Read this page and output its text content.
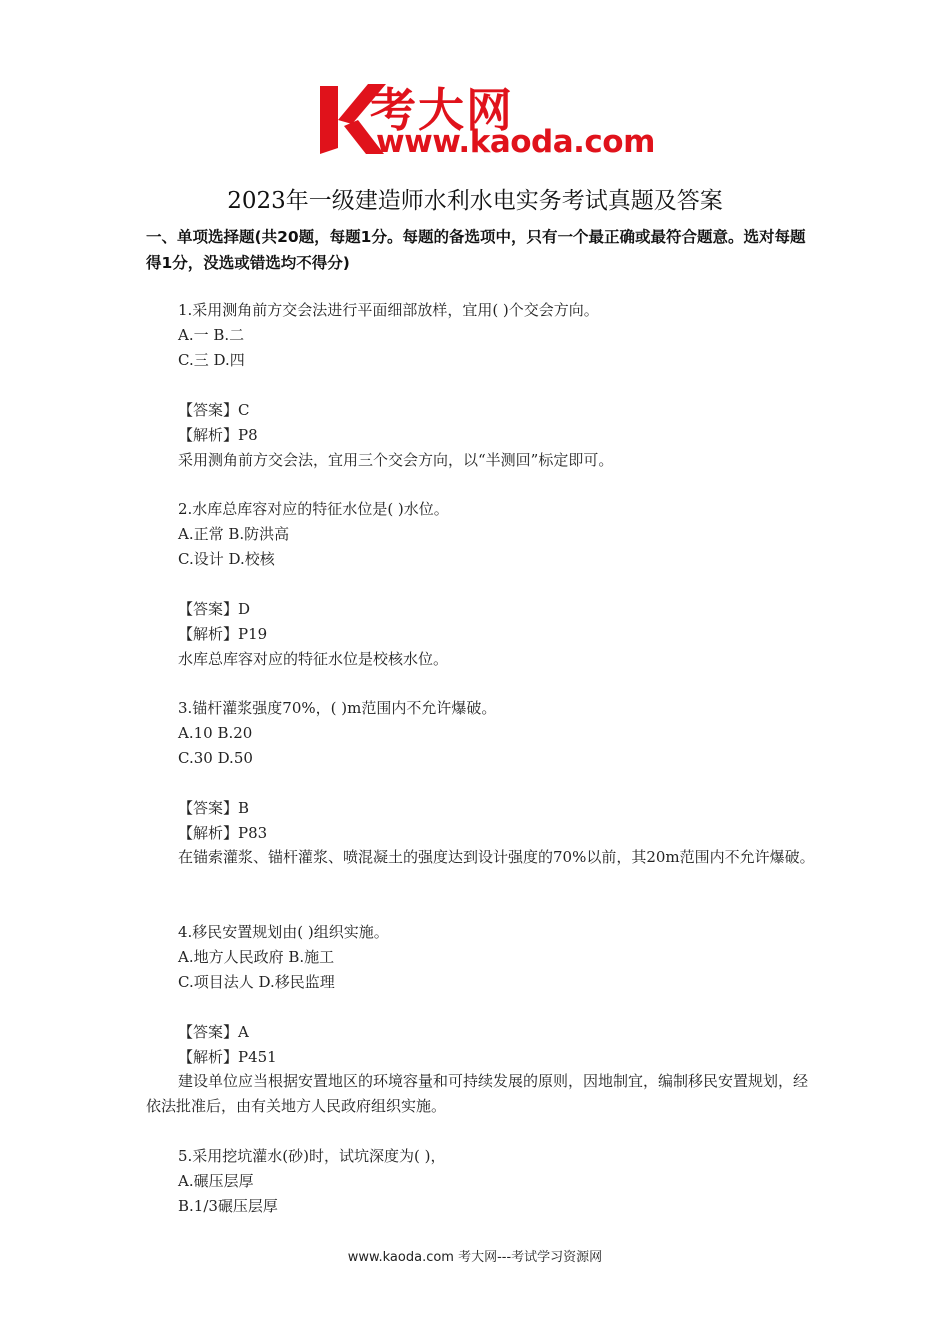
考大网
www.kaoda.com
2023年一级建造师水利水电实务考试真题及答案
一、单项选择题(共20题，每题1分。每题的备选项中，只有一个最正确或最符合题意。选对每题得1分，没选或错选均不得分)
1.采用测角前方交会法进行平面细部放样，宜用( )个交会方向。
A.一 B.二
C.三 D.四
【答案】C
【解析】P8
采用测角前方交会法，宜用三个交会方向，以“半测回”标定即可。
2.水库总库容对应的特征水位是( )水位。
A.正常 B.防洪高
C.设计 D.校核
【答案】D
【解析】P19
水库总库容对应的特征水位是校核水位。
3.锚杆灌浆强度70%，( )m范围内不允许爆破。
A.10 B.20
C.30 D.50
【答案】B
【解析】P83
在锚索灌浆、锚杆灌浆、喷混凝土的强度达到设计强度的70%以前，其20m范围内不允许爆破。
4.移民安置规划由( )组织实施。
A.地方人民政府 B.施工
C.项目法人 D.移民监理
【答案】A
【解析】P451
建设单位应当根据安置地区的环境容量和可持续发展的原则，因地制宜，编制移民安置规划，经依法批准后，由有关地方人民政府组织实施。
5.采用挖坑灌水(砂)时，试坑深度为( )，
A.碾压层厚
B.1/3碾压层厚
www.kaoda.com 考大网---考试学习资源网
